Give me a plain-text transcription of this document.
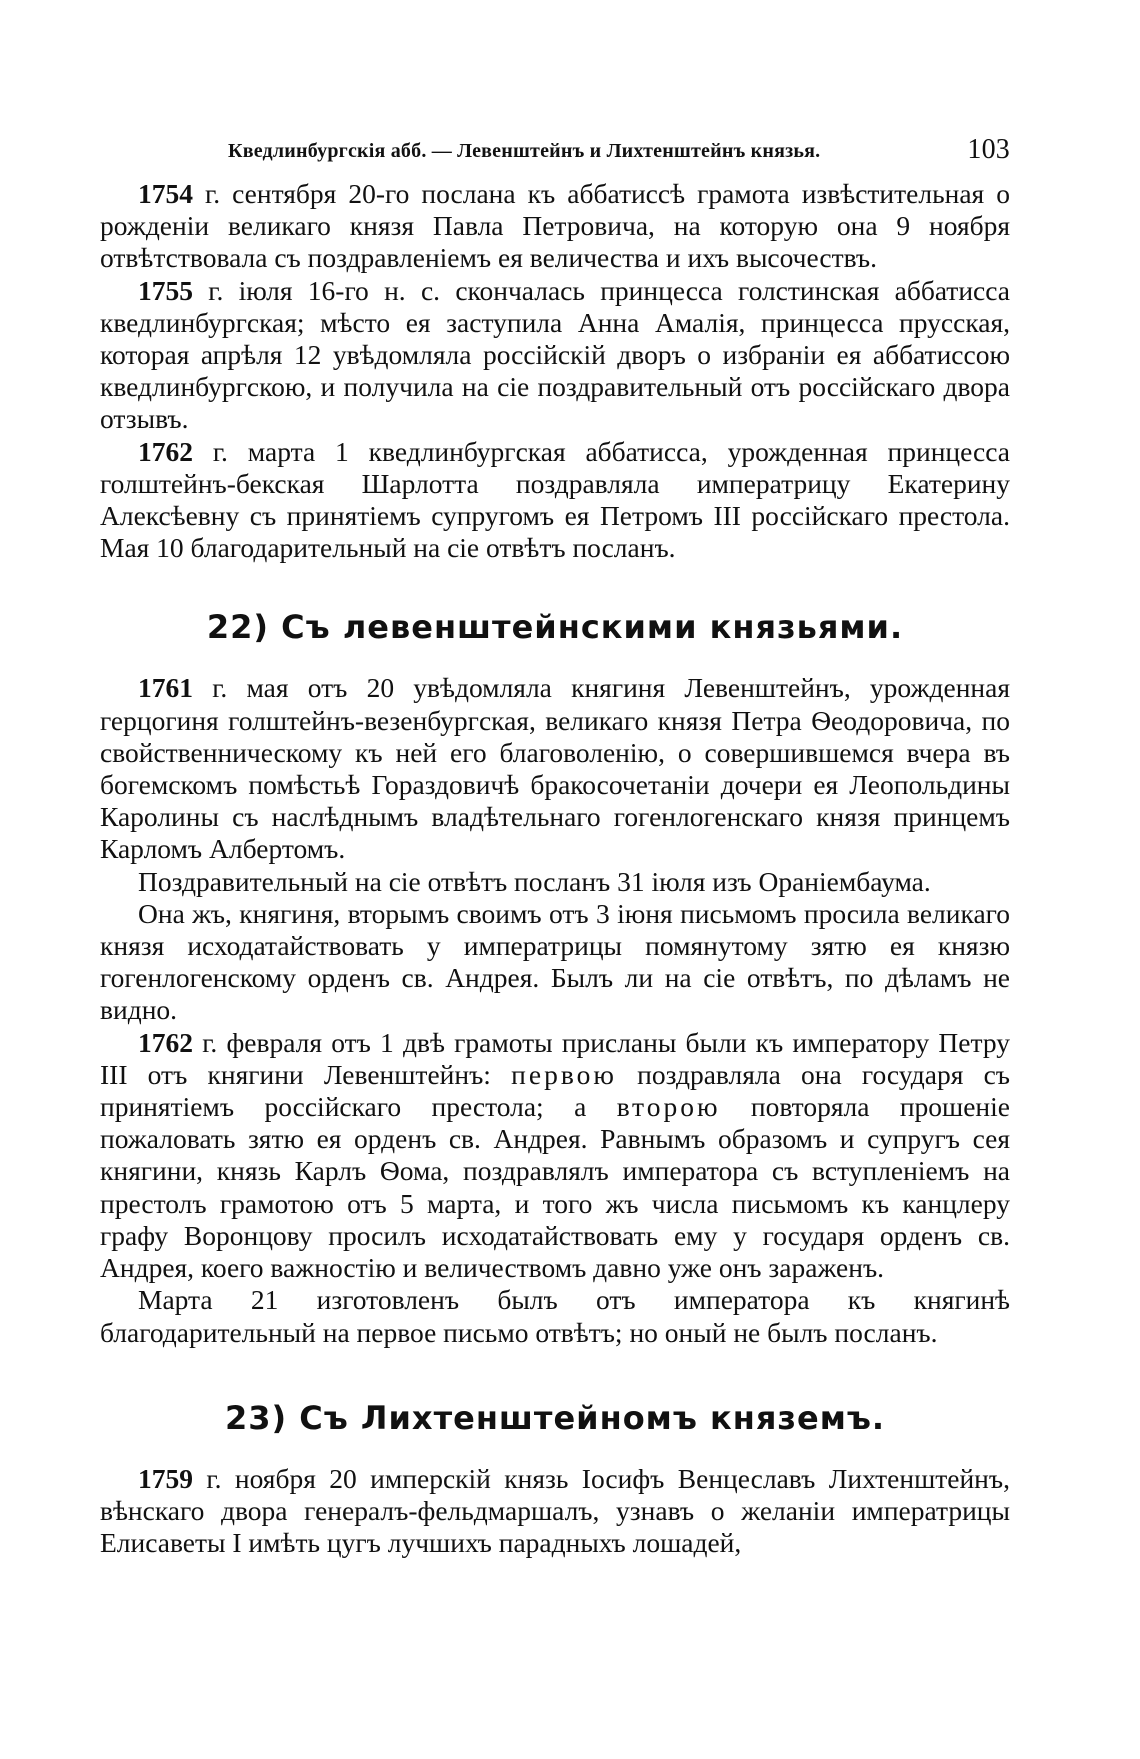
Кведлинбургскія абб. — Левенштейнъ и Лихтенштейнъ князья.	103

1754 г. сентября 20-го послана къ аббатиссѣ грамота извѣстительная о рожденіи великаго князя Павла Петровича, на которую она 9 ноября отвѣтствовала съ поздравленіемъ ея величества и ихъ высочествъ.

1755 г. іюля 16-го н. с. скончалась принцесса голстинская аббатисса кведлинбургская; мѣсто ея заступила Анна Амалія, принцесса прусская, которая апрѣля 12 увѣдомляла россійскій дворъ о избраніи ея аббатиссою кведлинбургскою, и получила на сіе поздравительный отъ россійскаго двора отзывъ.

1762 г. марта 1 кведлинбургская аббатисса, урожденная принцесса голштейнъ-бекская Шарлотта поздравляла императрицу Екатерину Алексѣевну съ принятіемъ супругомъ ея Петромъ III россійскаго престола. Мая 10 благодарительный на сіе отвѣтъ посланъ.

22) Съ левенштейнскими князьями.

1761 г. мая отъ 20 увѣдомляла княгиня Левенштейнъ, урожденная герцогиня голштейнъ-везенбургская, великаго князя Петра Ѳеодоровича, по свойственническому къ ней его благоволенію, о совершившемся вчера въ богемскомъ помѣстьѣ Гораздовичѣ бракосочетаніи дочери ея Леопольдины Каролины съ наслѣднымъ владѣтельнаго гогенлогенскаго князя принцемъ Карломъ Албертомъ.

Поздравительный на сіе отвѣтъ посланъ 31 іюля изъ Ораніембаума.

Она жъ, княгиня, вторымъ своимъ отъ 3 іюня письмомъ просила великаго князя исходатайствовать у императрицы помянутому зятю ея князю гогенлогенскому орденъ св. Андрея. Былъ ли на сіе отвѣтъ, по дѣламъ не видно.

1762 г. февраля отъ 1 двѣ грамоты присланы были къ императору Петру III отъ княгини Левенштейнъ: первою поздравляла она государя съ принятіемъ россійскаго престола; а второю повторяла прошеніе пожаловать зятю ея орденъ св. Андрея. Равнымъ образомъ и супругъ сея княгини, князь Карлъ Ѳома, поздравлялъ императора съ вступленіемъ на престолъ грамотою отъ 5 марта, и того жъ числа письмомъ къ канцлеру графу Воронцову просилъ исходатайствовать ему у государя орденъ св. Андрея, коего важностію и величествомъ давно уже онъ зараженъ.

Марта 21 изготовленъ былъ отъ императора къ княгинѣ благодарительный на первое письмо отвѣтъ; но оный не былъ посланъ.

23) Съ Лихтенштейномъ княземъ.

1759 г. ноября 20 имперскій князь Іосифъ Венцеславъ Лихтенштейнъ, вѣнскаго двора генералъ-фельдмаршалъ, узнавъ о желаніи императрицы Елисаветы I имѣть цугъ лучшихъ парадныхъ лошадей,
